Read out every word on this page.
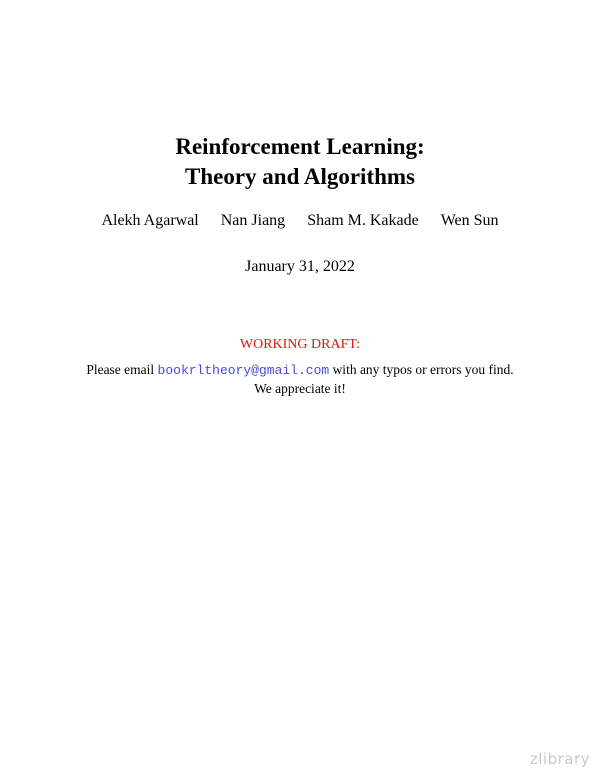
Reinforcement Learning:

Theory and Algorithms

Alekh Agarwal Nan Jiang Sham M. Kakade Wen Sun
January 31, 2022
WORKING DRAFT:
Please email bookrltheory@gmail.com with any typos or errors you find.
We appreciate it!
zlibrary
